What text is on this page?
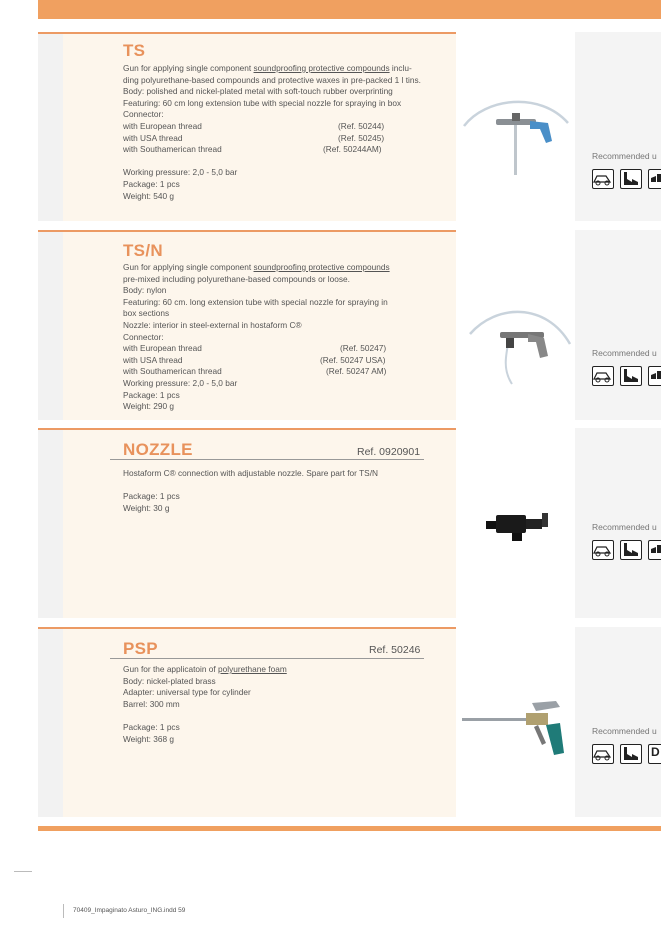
TS
Gun for applying single component soundproofing protective compounds inclu-
ding polyurethane-based compounds and protective waxes in pre-packed 1 l tins.
Body: polished and nickel-plated metal with soft-touch rubber overprinting
Featuring: 60 cm long extension tube with special nozzle for spraying in box
Connector:
with European thread	(Ref. 50244)
with USA thread	(Ref. 50245)
with Southamerican thread	(Ref. 50244AM)
Working pressure: 2,0 - 5,0 bar
Package: 1 pcs
Weight: 540 g
Recommended u
TS/N
Gun for applying single component soundproofing protective compounds
pre-mixed including polyurethane-based compounds or loose.
Body: nylon
Featuring: 60 cm. long extension tube with special nozzle for spraying in
box sections
Nozzle: interior in steel-external in hostaform C®
Connector:
with European thread	(Ref. 50247)
with USA thread	(Ref. 50247 USA)
with Southamerican thread	(Ref. 50247 AM)
Working pressure: 2,0 - 5,0 bar
Package: 1 pcs
Weight: 290 g
Recommended u
NOZZLE	Ref. 0920901
Hostaform C® connection with adjustable nozzle. Spare part for TS/N
Package: 1 pcs
Weight: 30 g
Recommended u
PSP	Ref. 50246
Gun for the applicatoin of polyurethane foam
Body: nickel-plated brass
Adapter: universal type for cylinder
Barrel: 300 mm
Package: 1 pcs
Weight: 368 g
Recommended u
D
70409_Impaginato Asturo_ING.indd 59
